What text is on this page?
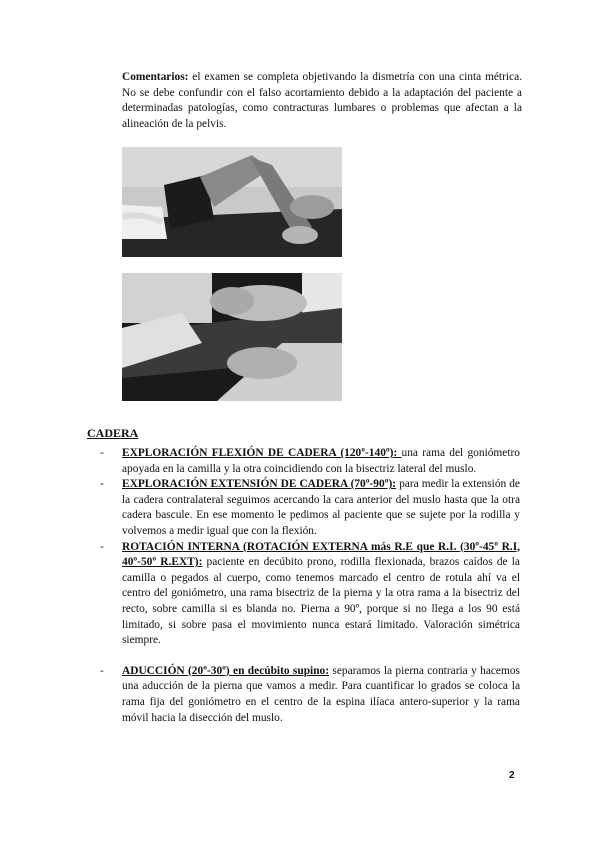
Comentarios: el examen se completa objetivando la dismetría con una cinta métrica. No se debe confundir con el falso acortamiento debido a la adaptación del paciente a determinadas patologías, como contracturas lumbares o problemas que afectan a la alineación de la pelvis.

CADERA
- EXPLORACIÓN FLEXIÓN DE CADERA (120º-140º): una rama del goniómetro apoyada en la camilla y la otra coincidiendo con la bisectriz lateral del muslo.
- EXPLORACIÓN EXTENSIÓN DE CADERA (70º-90º): para medir la extensión de la cadera contralateral seguimos acercando la cara anterior del muslo hasta que la otra cadera bascule. En ese momento le pedimos al paciente que se sujete por la rodilla y volvemos a medir igual que con la flexión.
- ROTACIÓN INTERNA (ROTACIÓN EXTERNA más R.E que R.I. (30º-45º R.I, 40º-50º R.EXT): paciente en decúbito prono, rodilla flexionada, brazos caídos de la camilla o pegados al cuerpo, como tenemos marcado el centro de rotula ahí va el centro del goniómetro, una rama bisectriz de la pierna y la otra rama a la bisectriz del recto, sobre camilla si es blanda no. Pierna a 90º, porque si no llega a los 90 está limitado, si sobre pasa el movimiento nunca estará limitado. Valoración simétrica siempre.
- ADUCCIÓN (20º-30º) en decúbito supino: separamos la pierna contraria y hacemos una aducción de la pierna que vamos a medir. Para cuantificar lo grados se coloca la rama fija del goniómetro en el centro de la espina ilíaca antero-superior y la rama móvil hacia la disección del muslo.
2
